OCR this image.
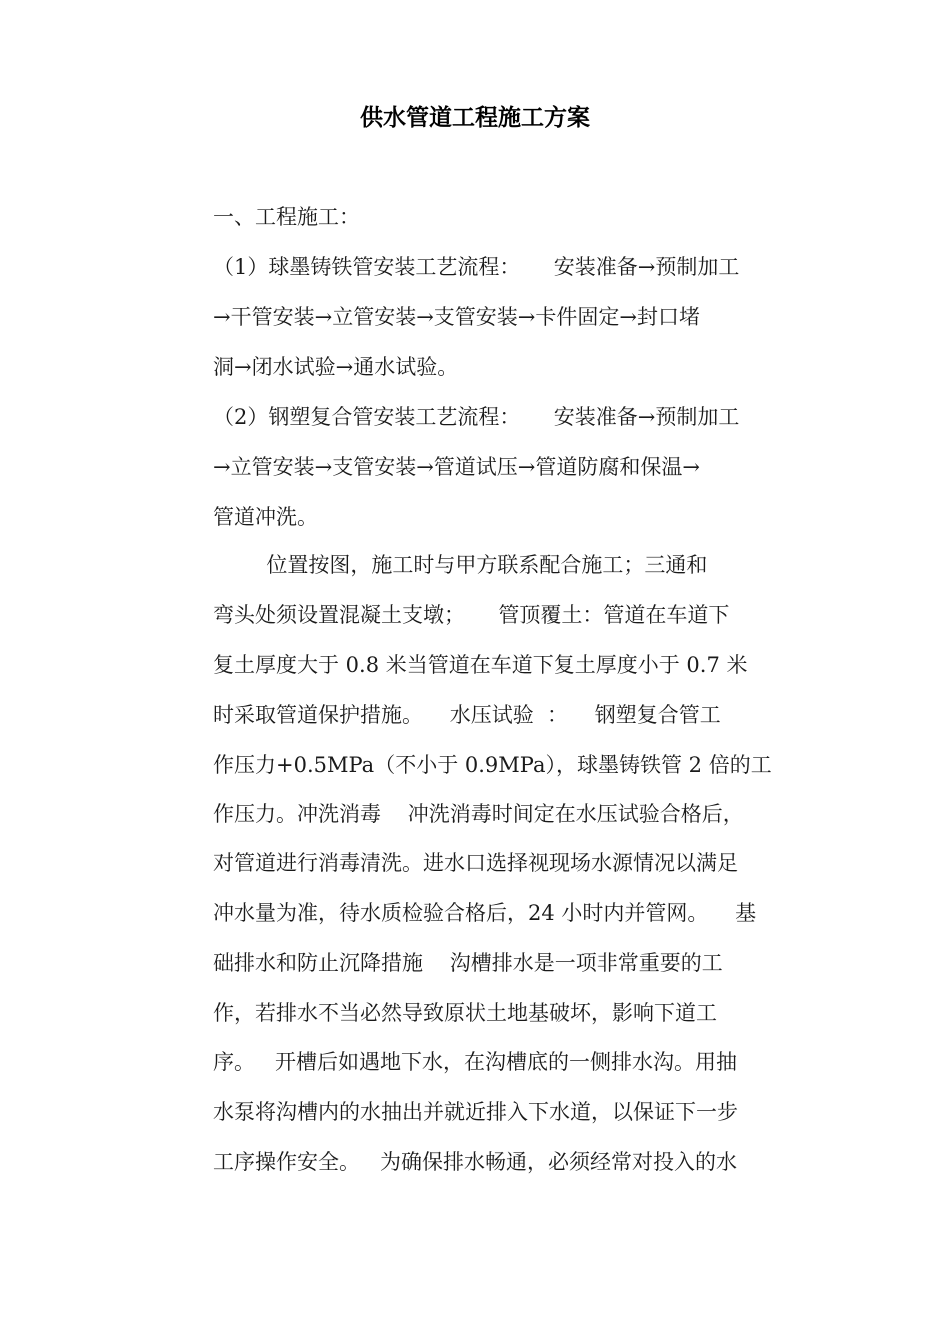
供水管道工程施工方案

一、工程施工：

（1）球墨铸铁管安装工艺流程：     安装准备→预制加工

→干管安装→立管安装→支管安装→卡件固定→封口堵

洞→闭水试验→通水试验。

（2）钢塑复合管安装工艺流程：     安装准备→预制加工

→立管安装→支管安装→管道试压→管道防腐和保温→

管道冲洗。

位置按图，施工时与甲方联系配合施工；三通和

弯头处须设置混凝土支墩；     管顶覆土：管道在车道下

复土厚度大于 0.8 米当管道在车道下复土厚度小于 0.7 米

时采取管道保护措施。    水压试验  ：    钢塑复合管工

作压力+0.5MPa（不小于 0.9MPa），球墨铸铁管 2 倍的工

作压力。冲洗消毒    冲洗消毒时间定在水压试验合格后，

对管道进行消毒清洗。进水口选择视现场水源情况以满足

冲水量为准，待水质检验合格后，24 小时内并管网。    基

础排水和防止沉降措施    沟槽排水是一项非常重要的工

作，若排水不当必然导致原状土地基破坏，影响下道工

序。   开槽后如遇地下水，在沟槽底的一侧排水沟。用抽

水泵将沟槽内的水抽出并就近排入下水道，以保证下一步

工序操作安全。   为确保排水畅通，必须经常对投入的水
